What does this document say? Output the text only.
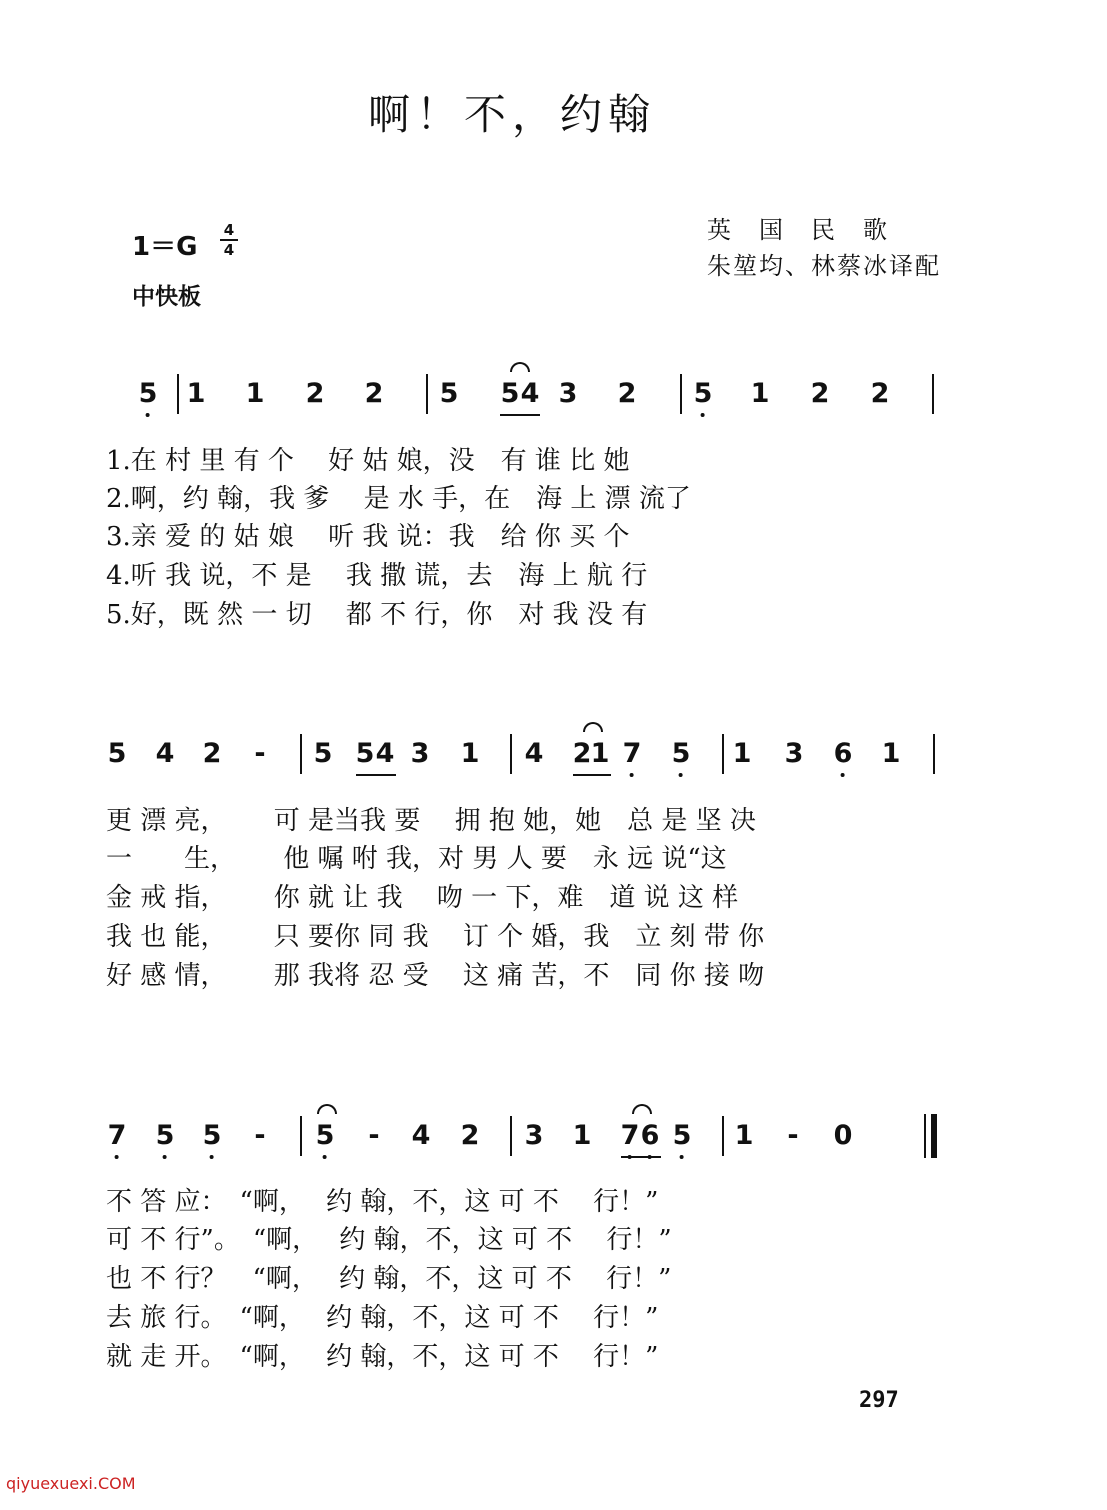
啊！不，约翰
1＝G
4
4
中快板
英　国　民　歌
朱堃均、林蔡冰译配
5 1 1 2 2 5 5 4 3 2 5 1 2 2
1.在 村 里 有 个　 好 姑 娘，没　有 谁 比 她
2.啊，约 翰，我 爹　 是 水 手，在　海 上 漂 流了
3.亲 爱 的 姑 娘　 听 我 说：我　给 你 买 个
4.听 我 说，不 是　 我 撒 谎，去　海 上 航 行
5.好，既 然 一 切　 都 不 行，你　对 我 没 有
5 4 2 - 5 5 4 3 1 4 2 1 7 5 1 3 6 1
更 漂 亮，　　 可 是当我 要　 拥 抱 她，她　总 是 坚 决
一　　生，　　 他 嘱 咐 我，对 男 人 要　永 远 说“这
金 戒 指，　　 你 就 让 我　 吻 一 下，难　道 说 这 样
我 也 能，　　 只 要你 同 我　 订 个 婚，我　立 刻 带 你
好 感 情，　　 那 我将 忍 受　 这 痛 苦，不　同 你 接 吻
7 5 5 - 5 - 4 2 3 1 7 6 5 1 - 0
不 答 应：　“啊，　 约 翰，不，这 可 不　 行！”
可 不 行”。　“啊，　 约 翰，不，这 可 不　 行！”
也 不 行？　“啊，　 约 翰，不，这 可 不　 行！”
去 旅 行。　“啊，　 约 翰，不，这 可 不　 行！”
就 走 开。　“啊，　 约 翰，不，这 可 不　 行！”
297
qiyuexuexi.COM
